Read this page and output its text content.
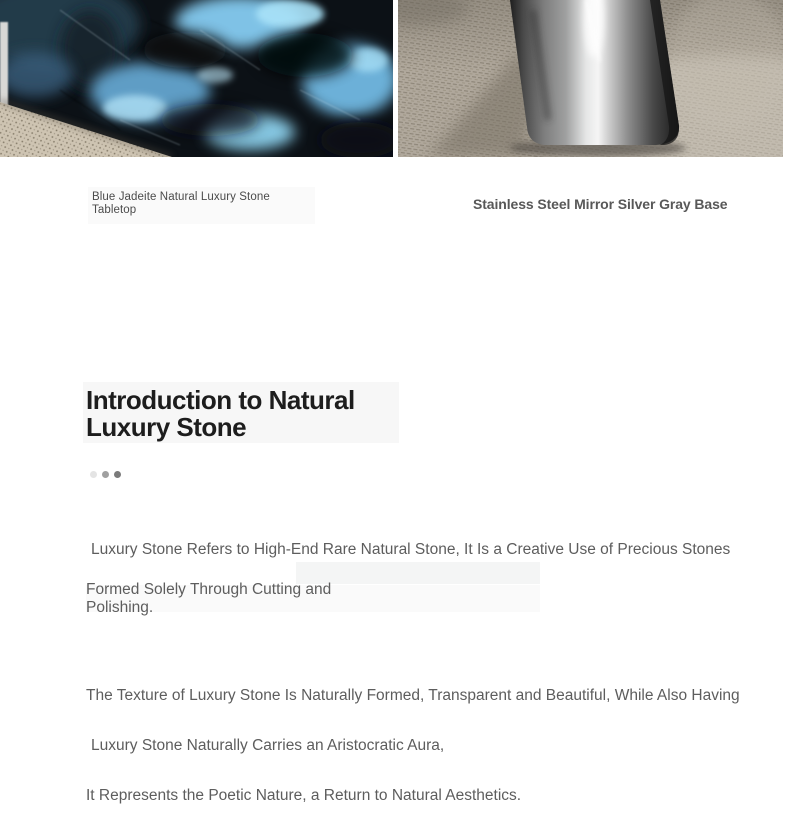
Blue Jadeite Natural Luxury Stone
Tabletop	Stainless Steel Mirror Silver Gray Base
Introduction to Natural
Luxury Stone

Luxury Stone Refers to High-End Rare Natural Stone, It Is a Creative Use of Precious Stones

Formed Solely Through Cutting and
Polishing.

The Texture of Luxury Stone Is Naturally Formed, Transparent and Beautiful, While Also Having

Luxury Stone Naturally Carries an Aristocratic Aura,

It Represents the Poetic Nature, a Return to Natural Aesthetics.
